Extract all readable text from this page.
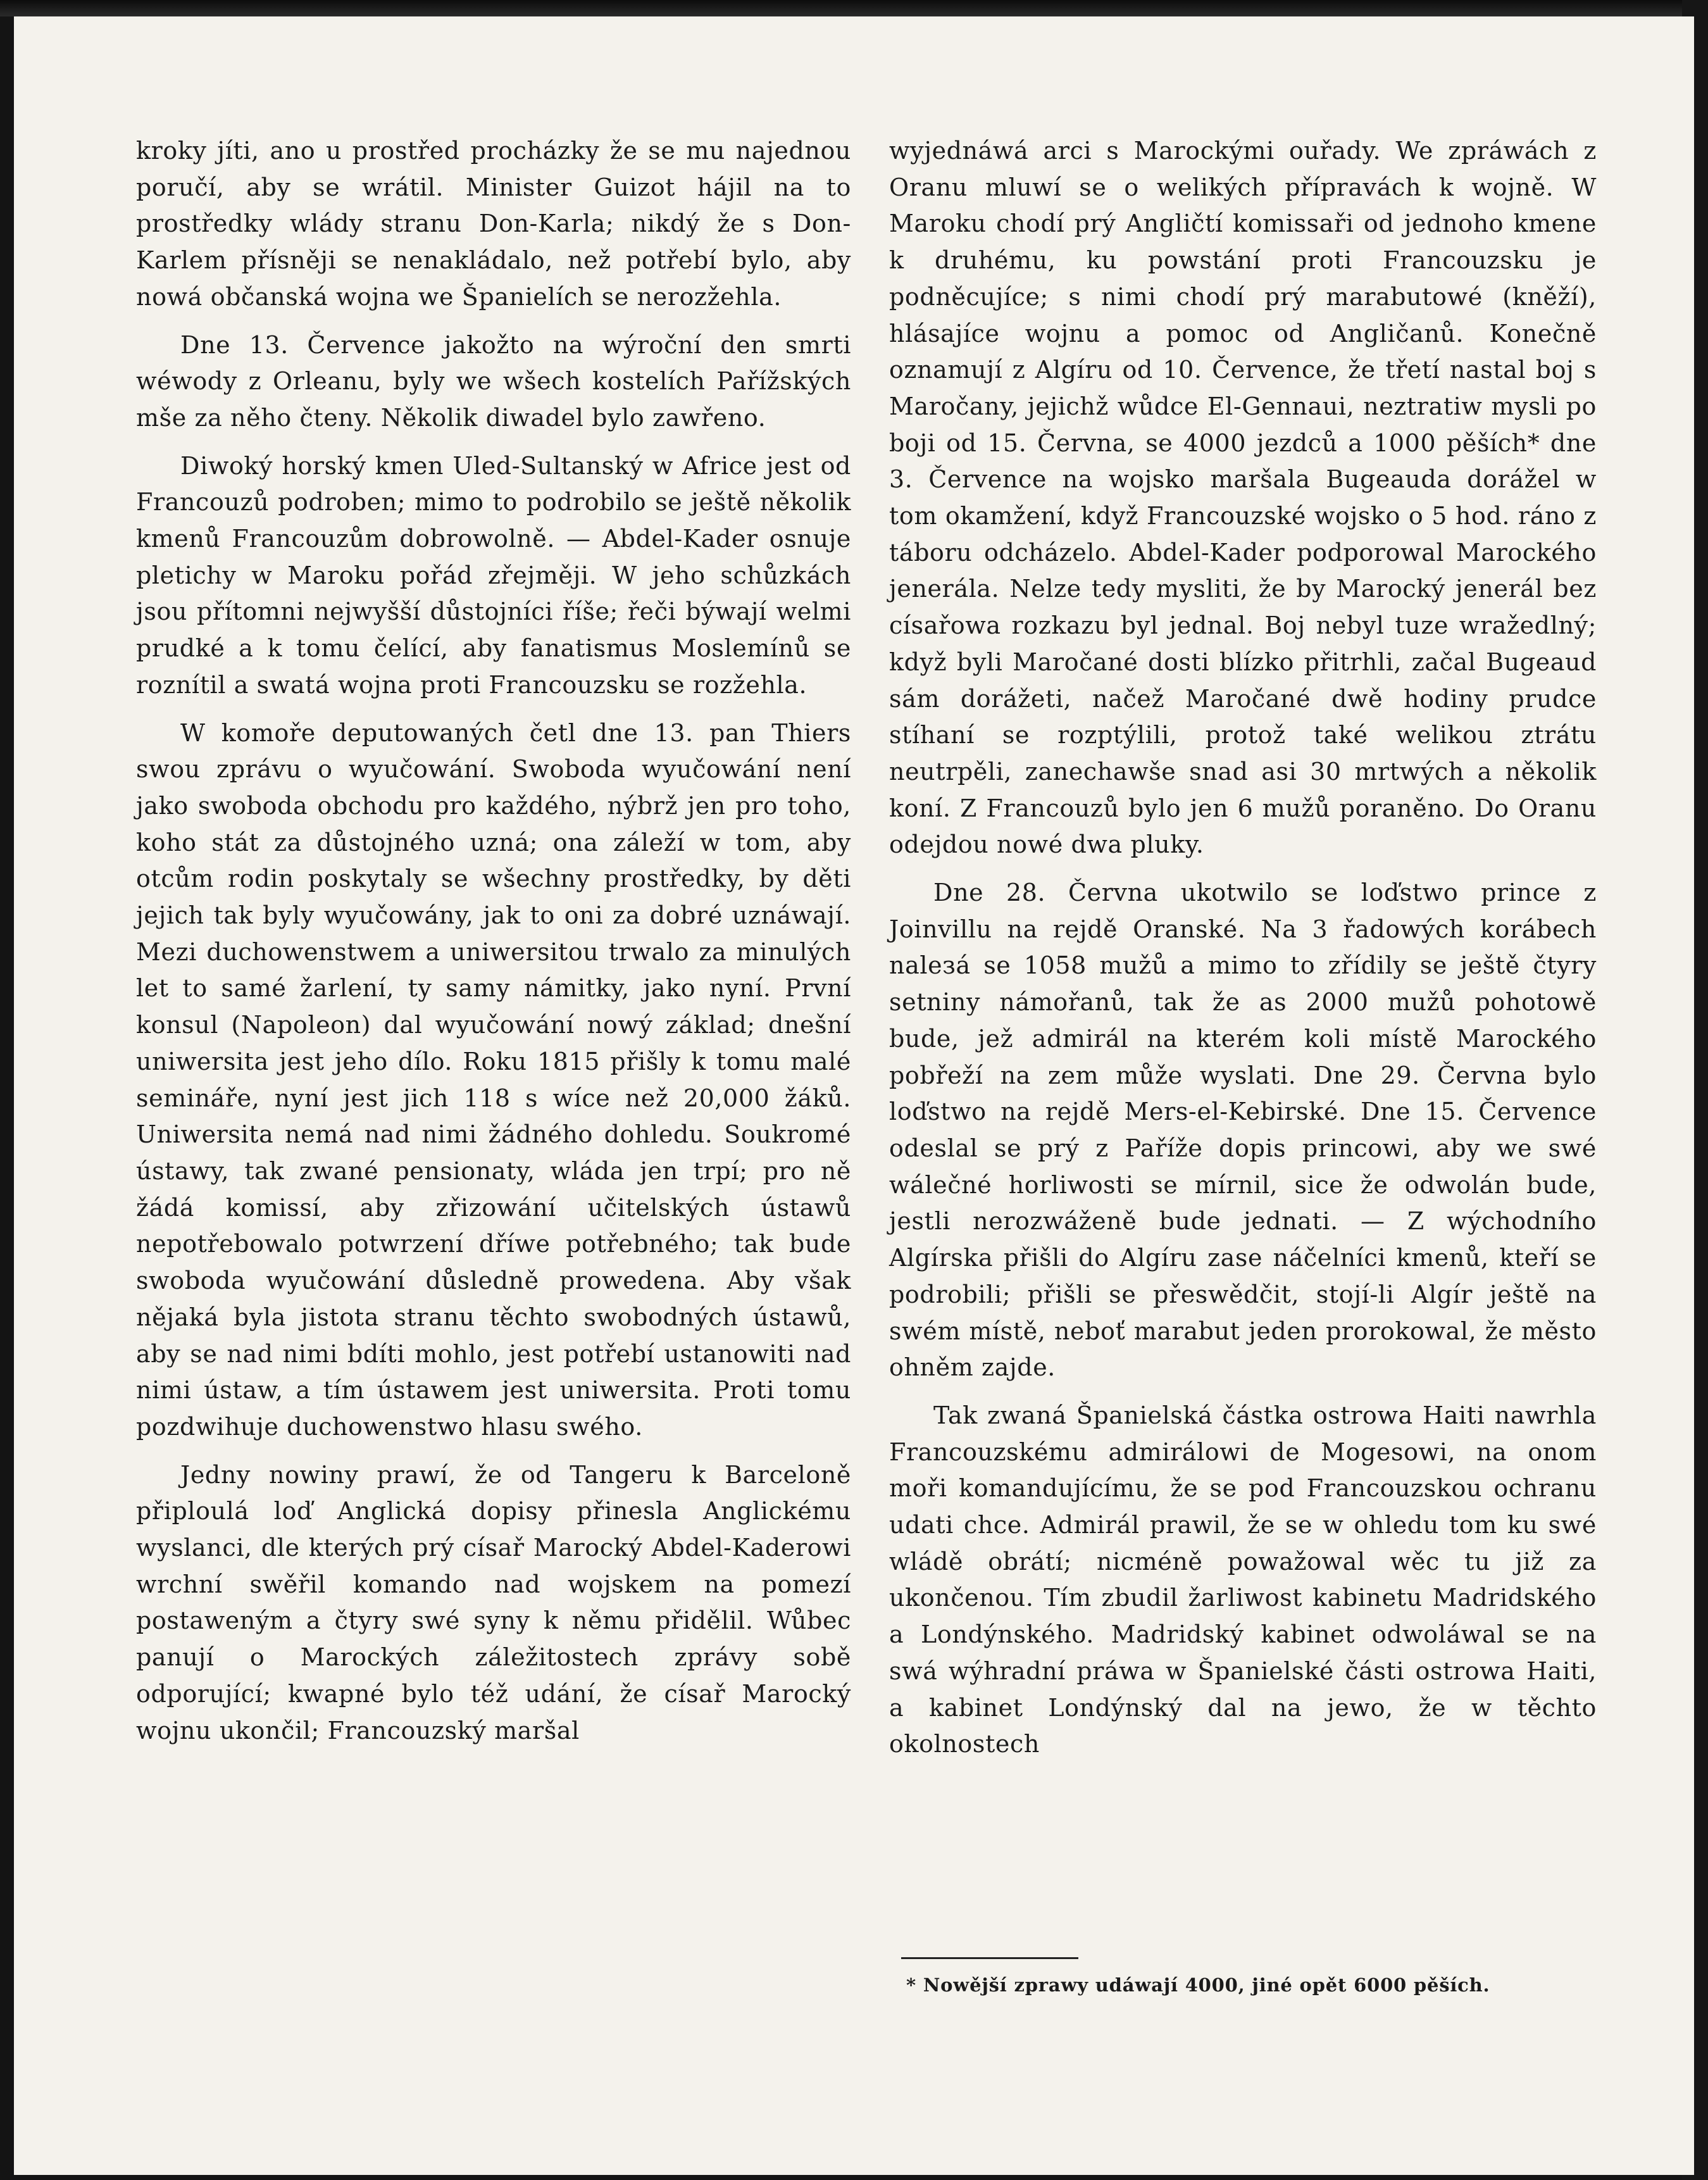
kroky jíti, ano u prostřed procházky že se mu najednou poručí, aby se wrátil. Minister Guizot hájil na to prostředky wlády stranu Don-Karla; nikdý že s Don-Karlem přísněji se nenakládalo, než potřebí bylo, aby nowá občanská wojna we Španielích se nerozžehla.

Dne 13. Července jakožto na wýroční den smrti wéwody z Orleanu, byly we wšech kostelích Pařížských mše za něho čteny. Několik diwadel bylo zawřeno.

Diwoký horský kmen Uled-Sultanský w Africe jest od Francouzů podroben; mimo to podrobilo se ještě několik kmenů Francouzům dobrowolně. — Abdel-Kader osnuje pletichy w Maroku pořád zřejměji. W jeho schůzkách jsou přítomni nejwyšší důstojníci říše; řeči býwají welmi prudké a k tomu čelící, aby fanatismus Moslemínů se roznítil a swatá wojna proti Francouzsku se rozžehla.

W komoře deputowaných četl dne 13. pan Thiers swou zprávu o wyučowání. Swoboda wyučowání není jako swoboda obchodu pro každého, nýbrž jen pro toho, koho stát za důstojného uzná; ona záleží w tom, aby otcům rodin poskytaly se wšechny prostředky, by děti jejich tak byly wyučowány, jak to oni za dobré uznáwají. Mezi duchowenstwem a uniwersitou trwalo za minulých let to samé žarlení, ty samy námitky, jako nyní. První konsul (Napoleon) dal wyučowání nowý základ; dnešní uniwersita jest jeho dílo. Roku 1815 přišly k tomu malé semináře, nyní jest jich 118 s wíce než 20,000 žáků. Uniwersita nemá nad nimi žádného dohledu. Soukromé ústawy, tak zwané pensionaty, wláda jen trpí; pro ně žádá komissí, aby zřizowání učitelských ústawů nepotřebowalo potwrzení dříwe potřebného; tak bude swoboda wyučowání důsledně prowedena. Aby však nějaká byla jistota stranu těchto swobodných ústawů, aby se nad nimi bdíti mohlo, jest potřebí ustanowiti nad nimi ústaw, a tím ústawem jest uniwersita. Proti tomu pozdwihuje duchowenstwo hlasu swého.

Jedny nowiny prawí, že od Tangeru k Barceloně připloulá loď Anglická dopisy přinesla Anglickému wyslanci, dle kterých prý císař Marocký Abdel-Kaderowi wrchní swěřil komando nad wojskem na pomezí postaweným a čtyry swé syny k němu přidělil. Wůbec panují o Marockých záležitostech zprávy sobě odporující; kwapné bylo též udání, že císař Marocký wojnu ukončil; Francouzský maršal

wyjednáwá arci s Marockými ouřady. We zpráwách z Oranu mluwí se o welikých přípravách k wojně. W Maroku chodí prý Angličtí komissaři od jednoho kmene k druhému, ku powstání proti Francouzsku je podněcujíce; s nimi chodí prý marabutowé (kněží), hlásajíce wojnu a pomoc od Angličanů. Konečně oznamují z Algíru od 10. Července, že třetí nastal boj s Maročany, jejichž wůdce El-Gennaui, neztratiw mysli po boji od 15. Června, se 4000 jezdců a 1000 pěších* dne 3. Července na wojsko maršala Bugeauda dorážel w tom okamžení, když Francouzské wojsko o 5 hod. ráno z táboru odcházelo. Abdel-Kader podporowal Marockého jenerála. Nelze tedy mysliti, že by Marocký jenerál bez císařowa rozkazu byl jednal. Boj nebyl tuze wražedlný; když byli Maročané dosti blízko přitrhli, začal Bugeaud sám dorážeti, načež Maročané dwě hodiny prudce stíhaní se rozptýlili, protož také welikou ztrátu neutrpěli, zanechawše snad asi 30 mrtwých a několik koní. Z Francouzů bylo jen 6 mužů poraněno. Do Oranu odejdou nowé dwa pluky.

Dne 28. Červnа ukotwilo se loďstwo prince z Joinvillu na rejdě Oranské. Na 3 řadowých korábech naleзá se 1058 mužů a mimo to zřídily se ještě čtyry setniny námořanů, tak že as 2000 mužů pohotowě bude, jež admirál na kterém koli místě Marockého pobřeží na zem může wyslati. Dne 29. Červnа bylo loďstwo na rejdě Mers-el-Kebirské. Dne 15. Července odeslal se prý z Paříže dopis princowi, aby we swé wálečné horliwosti se mírnil, sice že odwolán bude, jestli nerozwáženě bude jednati. — Z wýchodního Algírska přišli do Algíru zase náčelníci kmenů, kteří se podrobili; přišli se přeswědčit, stojí-li Algír ještě na swém místě, neboť marabut jeden prorokowal, že město ohněm zajde.

Tak zwaná Španielská částka ostrowa Haiti nawrhla Francouzskému admirálowi de Mogesowi, na onom moři komandujícímu, že se pod Francouzskou ochranu udati chce. Admirál prawil, že se w ohledu tom ku swé wládě obrátí; nicméně powažowal wěc tu již za ukončenou. Tím zbudil žarliwost kabinetu Madridského a Londýnského. Madridský kabinet odwoláwal se na swá wýhradní práwa w Španielské části ostrowa Haiti, a kabinet Londýnský dal na jewo, že w těchto okolnostech

* Nowější zprawy udáwají 4000, jiné opět 6000 pěších.
